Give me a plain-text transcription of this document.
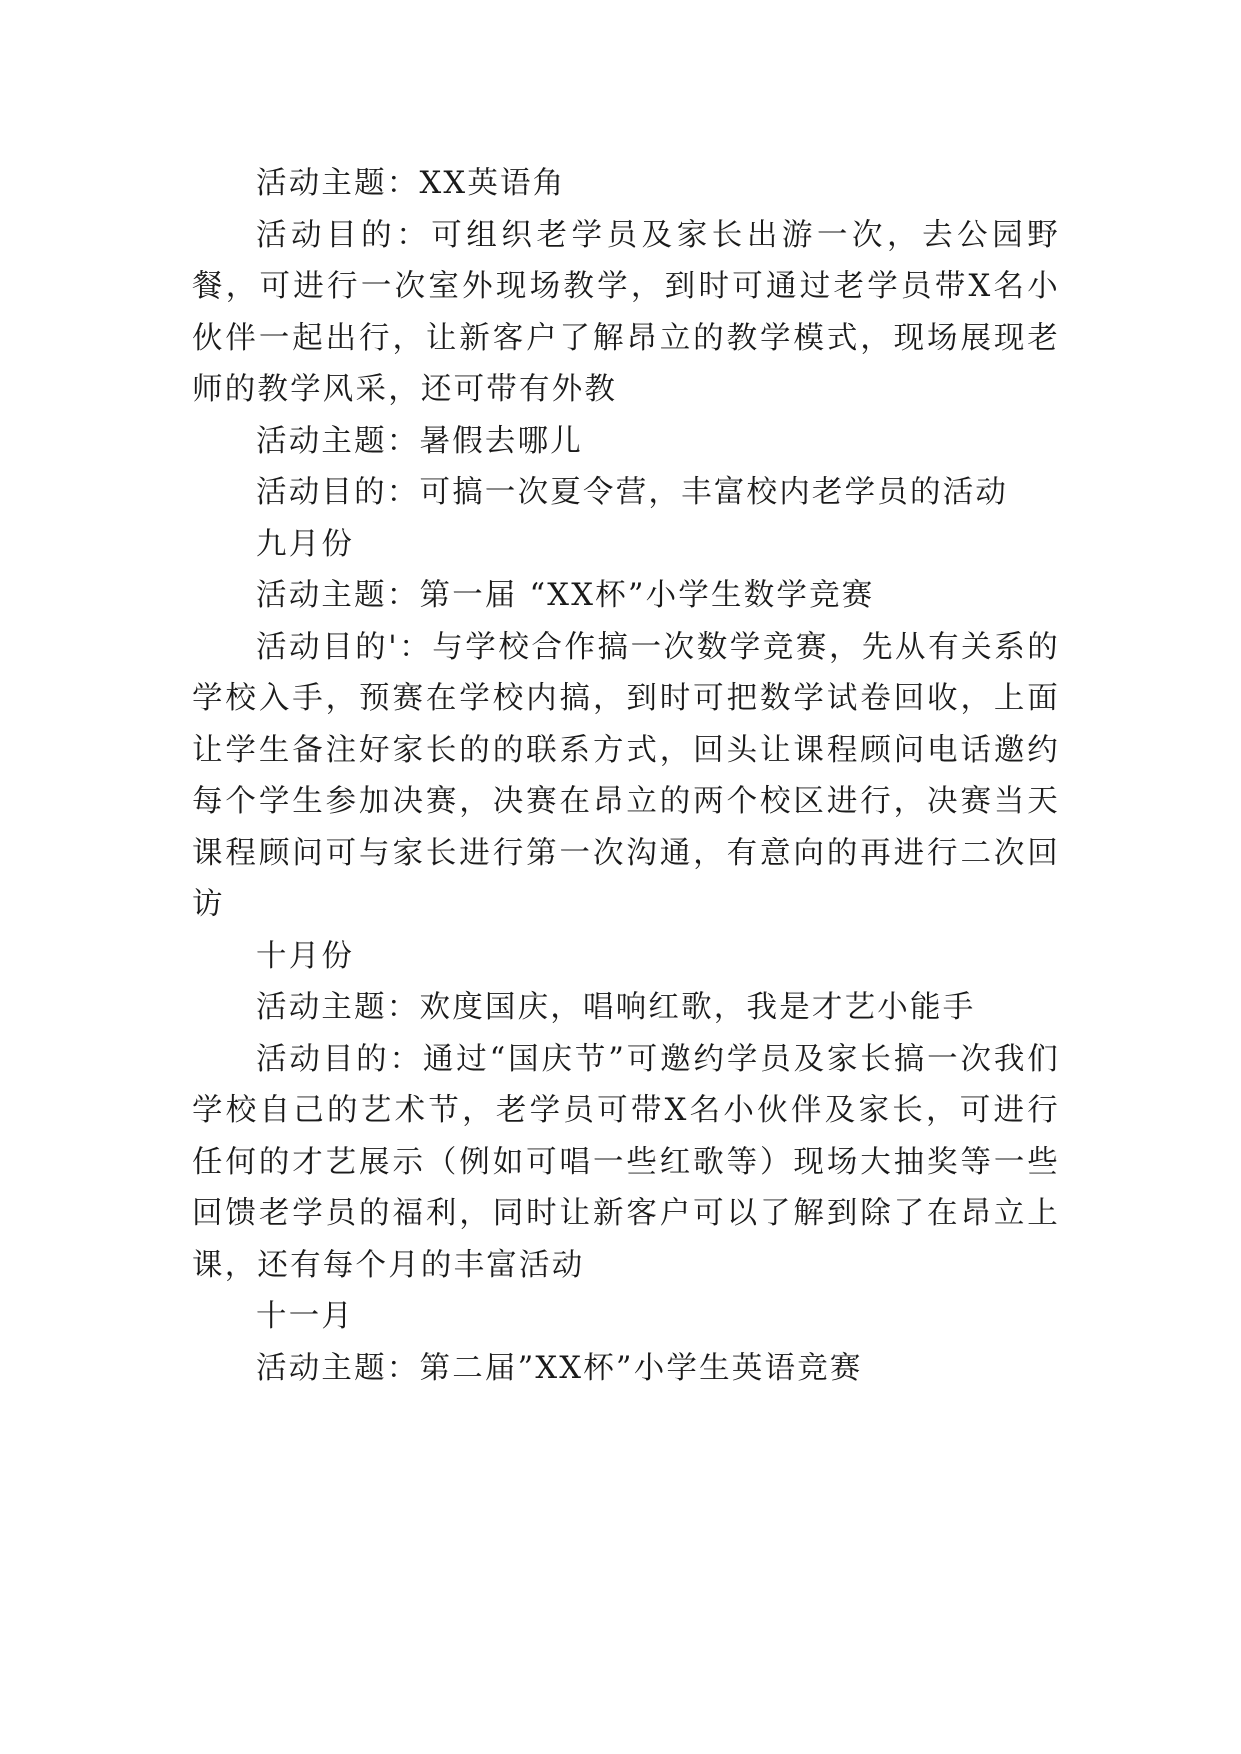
活动主题：XX英语角

活动目的：可组织老学员及家长出游一次，去公园野餐，可进行一次室外现场教学，到时可通过老学员带X名小伙伴一起出行，让新客户了解昂立的教学模式，现场展现老师的教学风采，还可带有外教

活动主题：暑假去哪儿

活动目的：可搞一次夏令营，丰富校内老学员的活动

九月份

活动主题：第一届 “XX杯”小学生数学竞赛

活动目的'：与学校合作搞一次数学竞赛，先从有关系的学校入手，预赛在学校内搞，到时可把数学试卷回收，上面让学生备注好家长的的联系方式，回头让课程顾问电话邀约每个学生参加决赛，决赛在昂立的两个校区进行，决赛当天课程顾问可与家长进行第一次沟通，有意向的再进行二次回访

十月份

活动主题：欢度国庆，唱响红歌，我是才艺小能手

活动目的：通过“国庆节”可邀约学员及家长搞一次我们学校自己的艺术节，老学员可带X名小伙伴及家长，可进行任何的才艺展示（例如可唱一些红歌等）现场大抽奖等一些回馈老学员的福利，同时让新客户可以了解到除了在昂立上课，还有每个月的丰富活动

十一月

活动主题：第二届”XX杯”小学生英语竞赛
